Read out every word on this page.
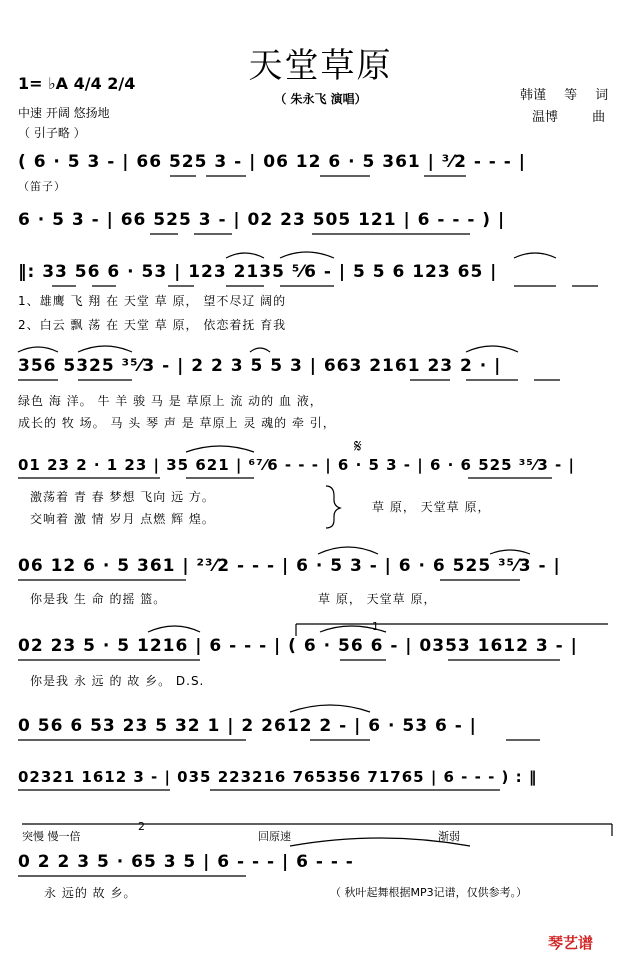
天堂草原
（ 朱永飞 演唱）
1= ♭A 4/4 2/4
中速 开阔 悠扬地
（ 引子略 ）
韩谨 等 词
温博 曲
( 6 · 5 3 - | 66 525 3 - | 06 12 6 · 5 361 | ³⁄2 - - - |
6 · 5 3 - | 66 525 3 - | 02 23 505 121 | 6 - - - ) |
‖: 33 56 6 · 53 | 123 2135 ⁵⁄6 - | 5 5 6 123 65 |
356 5325 ³⁵⁄3 - | 2 2 3 5 5 3 | 663 2161 23 2 · |
01 23 2 · 1 23 | 35 621 | ⁶⁷⁄6 - - - | 6 · 5 3 - | 6 · 6 525 ³⁵⁄3 - |
06 12 6 · 5 361 | ²³⁄2 - - - | 6 · 5 3 - | 6 · 6 525 ³⁵⁄3 - |
02 23 5 · 5 1216 | 6 - - - | ( 6 · 56 6 - | 0353 1612 3 - |
0 56 6 53 23 5 32 1 | 2 2612 2 - | 6 · 53 6 - |
02321 1612 3 - | 035 223216 765356 71765 | 6 - - - ) : ‖
0 2 2 3 5 · 65 3 5 | 6 - - - | 6 - - -
（笛子）
1、雄鹰 飞 翔 在 天堂 草 原， 望不尽辽 阔的
2、白云 飘 荡 在 天堂 草 原， 依恋着抚 育我
绿色 海 洋。 牛 羊 骏 马 是 草原上 流 动的 血 液，
成长的 牧 场。 马 头 琴 声 是 草原上 灵 魂的 牵 引，
激荡着 青 春 梦想 飞向 远 方。
交响着 激 情 岁月 点燃 辉 煌。
草 原， 天堂草 原，
你是我 生 命 的摇 篮。	草 原， 天堂草 原，
你是我 永 远 的 故 乡。 D.S.
永 远的 故 乡。
𝄋
1
2
突慢 慢一倍	回原速	渐弱
（ 秋叶起舞根据MP3记谱，仅供参考。）
琴艺谱
